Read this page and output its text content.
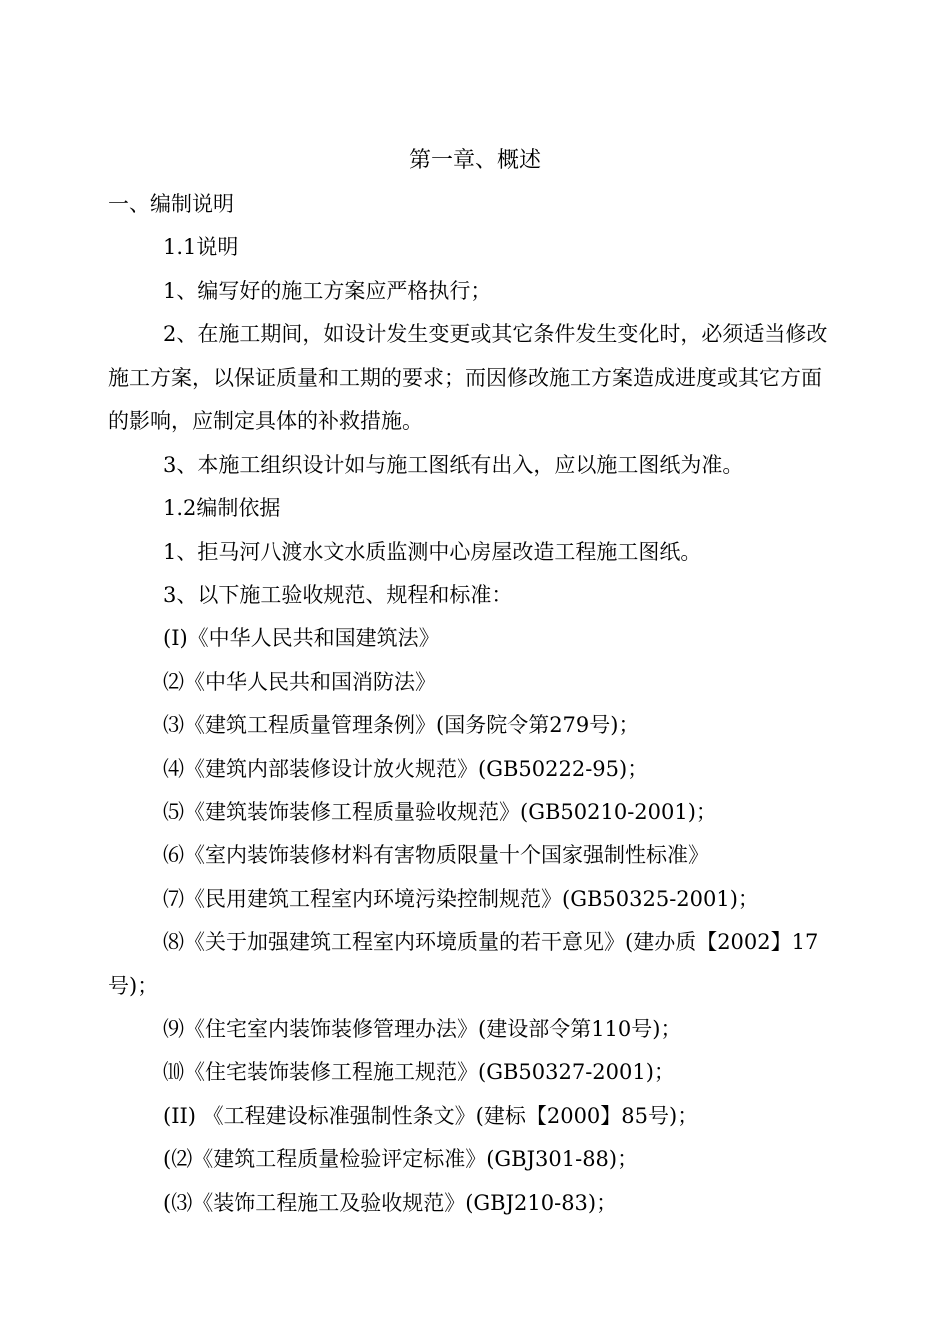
第一章、概述
一、编制说明
1.1说明
1、编写好的施工方案应严格执行；
2、在施工期间，如设计发生变更或其它条件发生变化时，必须适当修改
施工方案，以保证质量和工期的要求；而因修改施工方案造成进度或其它方面
的影响，应制定具体的补救措施。
3、本施工组织设计如与施工图纸有出入，应以施工图纸为准。
1.2编制依据
1、拒马河八渡水文水质监测中心房屋改造工程施工图纸。
3、以下施工验收规范、规程和标准：
(I)《中华人民共和国建筑法》
⑵《中华人民共和国消防法》
⑶《建筑工程质量管理条例》(国务院令第279号)；
⑷《建筑内部装修设计放火规范》(GB50222-95)；
⑸《建筑装饰装修工程质量验收规范》(GB50210-2001)；
⑹《室内装饰装修材料有害物质限量十个国家强制性标准》
⑺《民用建筑工程室内环境污染控制规范》(GB50325-2001)；
⑻《关于加强建筑工程室内环境质量的若干意见》(建办质【2002】17
号)；
⑼《住宅室内装饰装修管理办法》(建设部令第110号)；
⑽《住宅装饰装修工程施工规范》(GB50327-2001)；
(II) 《工程建设标准强制性条文》(建标【2000】85号)；
(⑵《建筑工程质量检验评定标准》(GBJ301-88)；
(⑶《装饰工程施工及验收规范》(GBJ210-83)；
